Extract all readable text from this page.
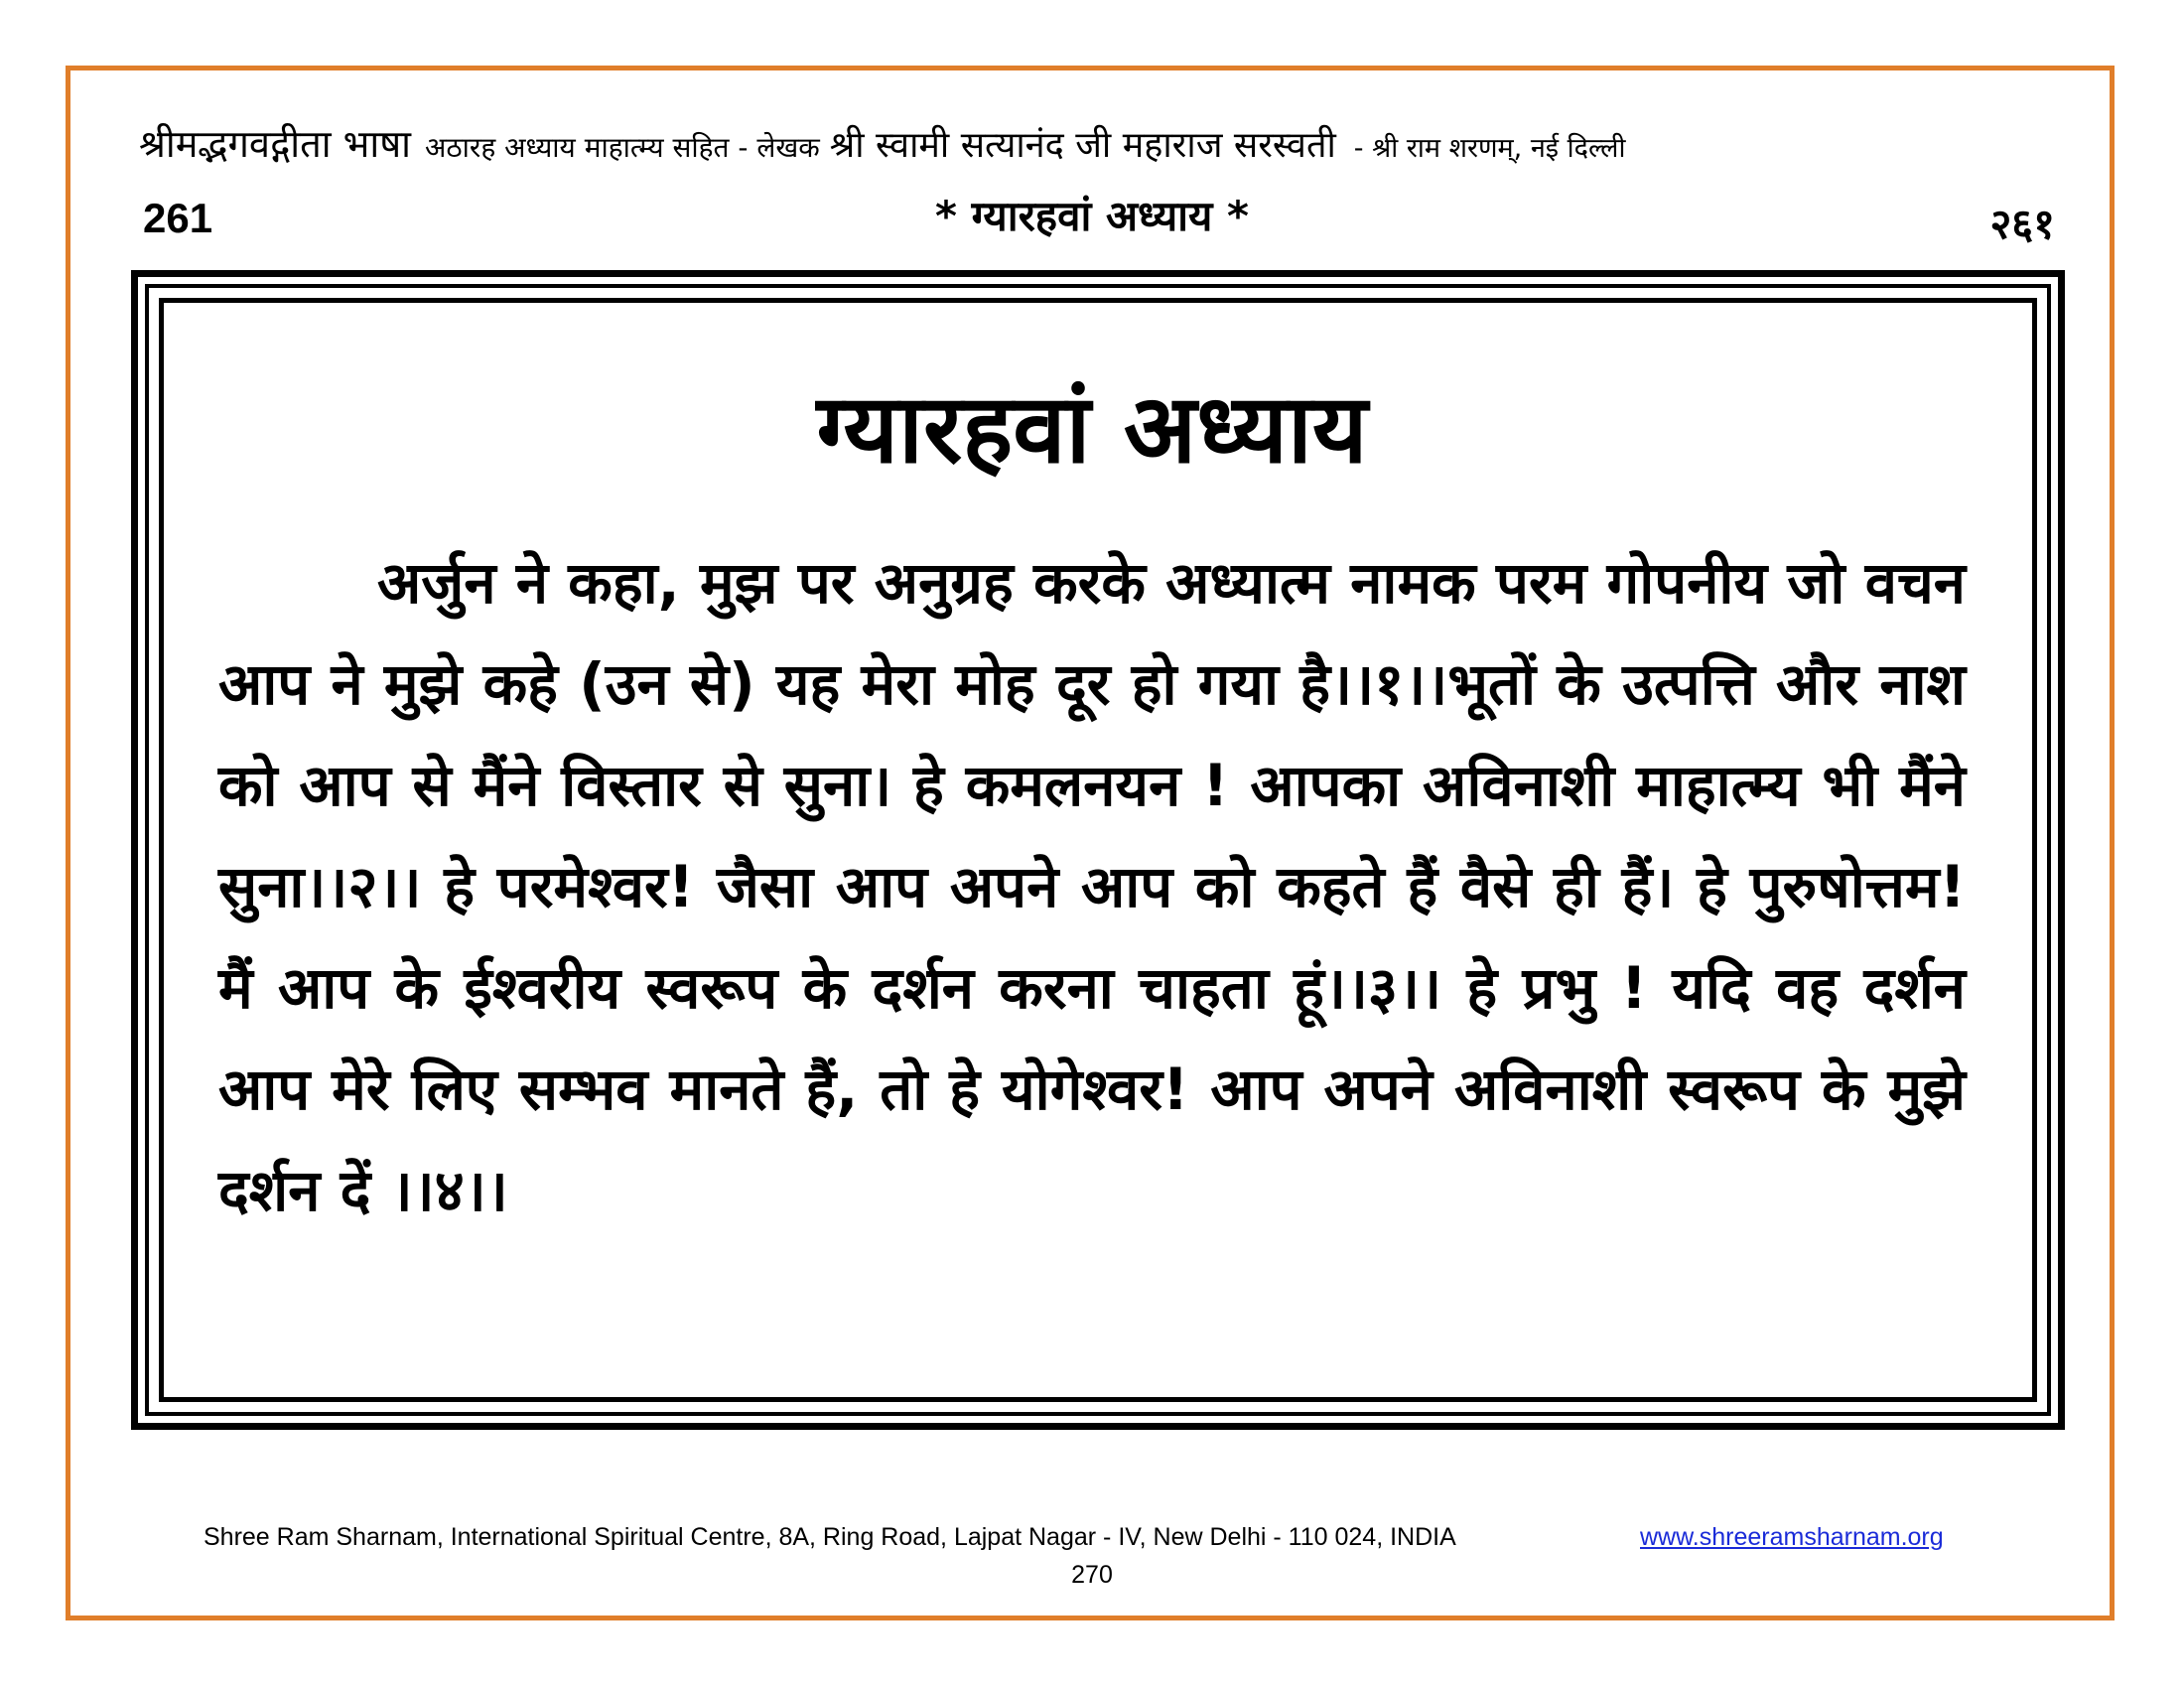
श्रीमद्भगवद्गीता भाषा अठारह अध्याय माहात्म्य सहित - लेखक श्री स्वामी सत्यानंद जी महाराज सरस्वती - श्री राम शरणम्, नई दिल्ली
261	* ग्यारहवां अध्याय *	२६१
ग्यारहवां अध्याय
अर्जुन ने कहा, मुझ पर अनुग्रह करके अध्यात्म नामक परम गोपनीय जो वचन आप ने मुझे कहे (उन से) यह मेरा मोह दूर हो गया है।।१।।भूतों के उत्पत्ति और नाश को आप से मैंने विस्तार से सुना। हे कमलनयन ! आपका अविनाशी माहात्म्य भी मैंने सुना।।२।। हे परमेश्वर! जैसा आप अपने आप को कहते हैं वैसे ही हैं। हे पुरुषोत्तम! मैं आप के ईश्वरीय स्वरूप के दर्शन करना चाहता हूं।।३।। हे प्रभु ! यदि वह दर्शन आप मेरे लिए सम्भव मानते हैं, तो हे योगेश्वर! आप अपने अविनाशी स्वरूप के मुझे दर्शन दें ।।४।।
Shree Ram Sharnam, International Spiritual Centre, 8A, Ring Road, Lajpat Nagar - IV, New Delhi - 110 024, INDIA	www.shreeramsharnam.org
270
